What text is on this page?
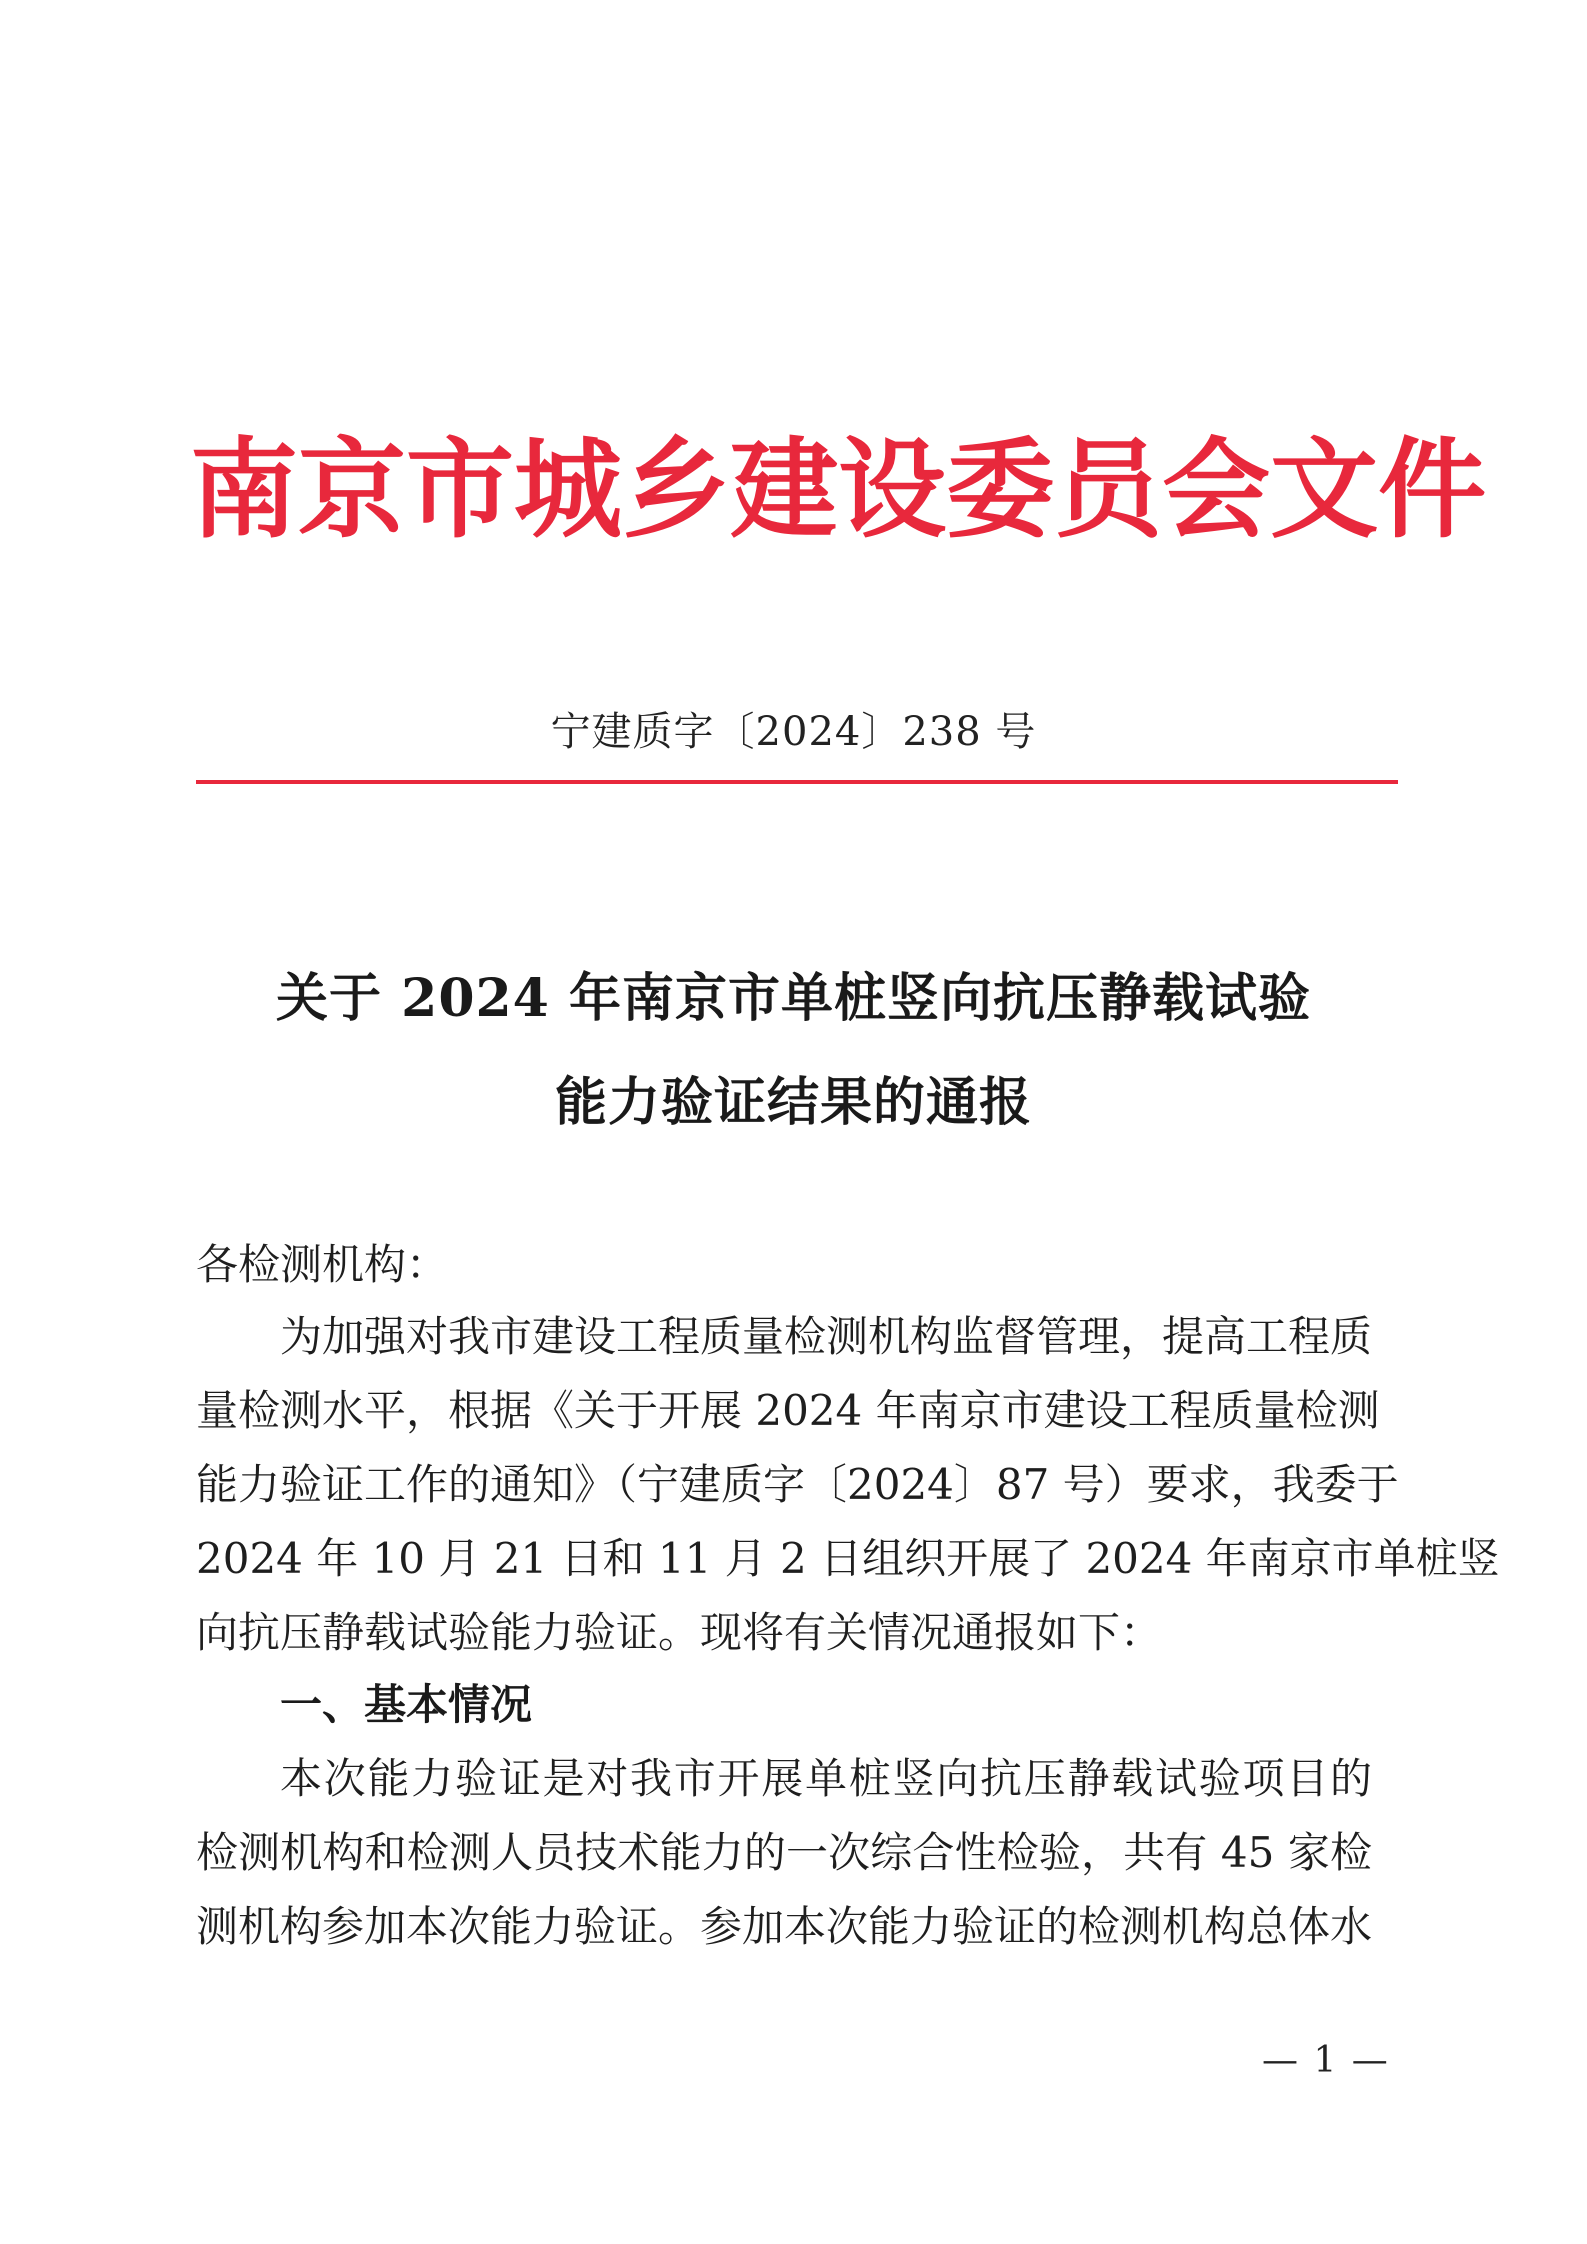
南 京 市 城 乡 建 设 委 员 会 文 件
宁建质字〔2024〕238 号
关于 2024 年南京市单桩竖向抗压静载试验
能力验证结果的通报
各检测机构：
为加强对我市建设工程质量检测机构监督管理，提高工程质
量检测水平，根据《关于开展 2024 年南京市建设工程质量检测
能力验证工作的通知》（宁建质字〔2024〕87 号）要求，我委于
2024 年 10 月 21 日和 11 月 2 日组织开展了 2024 年南京市单桩竖
向抗压静载试验能力验证。现将有关情况通报如下：
一、基本情况
本次能力验证是对我市开展单桩竖向抗压静载试验项目的
检测机构和检测人员技术能力的一次综合性检验，共有 45 家检
测机构参加本次能力验证。参加本次能力验证的检测机构总体水
— 1 —
